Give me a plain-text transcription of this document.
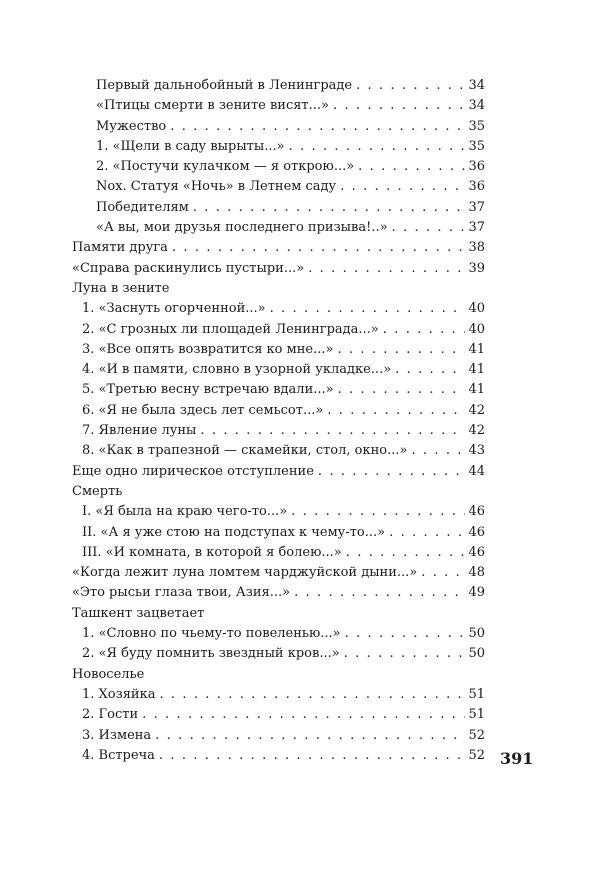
Первый дальнобойный в Ленинграде . . .	34
«Птицы смерти в зените висят...» . . .	34
Мужество . . .	35
1. «Щели в саду вырыты...» . . .	35
2. «Постучи кулачком — я открою...» . . .	36
Nox. Статуя «Ночь» в Летнем саду . . .	36
Победителям . . .	37
«А вы, мои друзья последнего призыва!..» . . .	37
Памяти друга . . .	38
«Справа раскинулись пустыри...» . . .	39
Луна в зените
1. «Заснуть огорченной...» . . .	40
2. «С грозных ли площадей Ленинграда...» . . .	40
3. «Все опять возвратится ко мне...» . . .	41
4. «И в памяти, словно в узорной укладке...» . . .	41
5. «Третью весну встречаю вдали...» . . .	41
6. «Я не была здесь лет семьсот...» . . .	42
7. Явление луны . . .	42
8. «Как в трапезной — скамейки, стол, окно...» . . .	43
Еще одно лирическое отступление . . .	44
Смерть
I. «Я была на краю чего-то...» . . .	46
II. «А я уже стою на подступах к чему-то...» . . .	46
III. «И комната, в которой я болею...» . . .	46
«Когда лежит луна ломтем чарджуйской дыни...» . . .	48
«Это рысьи глаза твои, Азия...» . . .	49
Ташкент зацветает
1. «Словно по чьему-то повеленью...» . . .	50
2. «Я буду помнить звездный кров...» . . .	50
Новоселье
1. Хозяйка . . .	51
2. Гости . . .	51
3. Измена . . .	52
4. Встреча . . .	52 391
